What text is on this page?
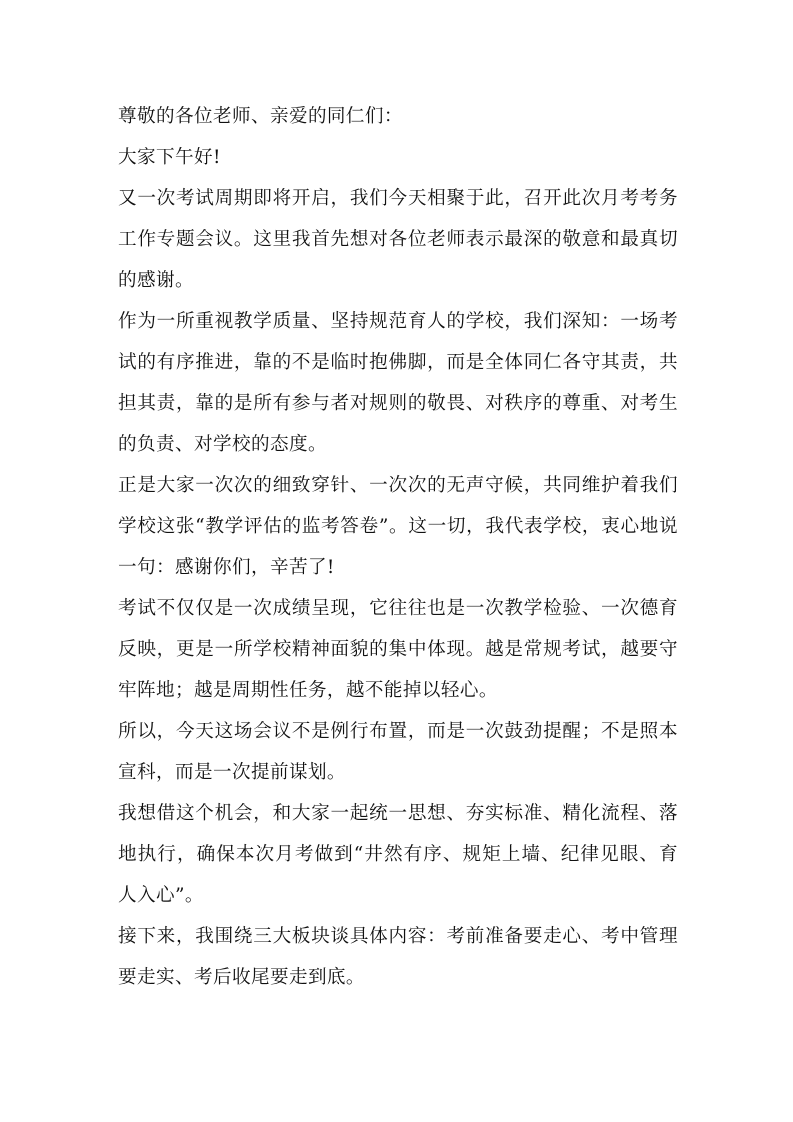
尊敬的各位老师、亲爱的同仁们：

大家下午好!

又一次考试周期即将开启，我们今天相聚于此，召开此次月考考务工作专题会议。这里我首先想对各位老师表示最深的敬意和最真切的感谢。

作为一所重视教学质量、坚持规范育人的学校，我们深知：一场考试的有序推进，靠的不是临时抱佛脚，而是全体同仁各守其责，共担其责，靠的是所有参与者对规则的敬畏、对秩序的尊重、对考生的负责、对学校的态度。

正是大家一次次的细致穿针、一次次的无声守候，共同维护着我们学校这张“教学评估的监考答卷”。这一切，我代表学校，衷心地说一句：感谢你们，辛苦了!

考试不仅仅是一次成绩呈现，它往往也是一次教学检验、一次德育反映，更是一所学校精神面貌的集中体现。越是常规考试，越要守牢阵地；越是周期性任务，越不能掉以轻心。

所以，今天这场会议不是例行布置，而是一次鼓劲提醒；不是照本宣科，而是一次提前谋划。

我想借这个机会，和大家一起统一思想、夯实标准、精化流程、落地执行，确保本次月考做到“井然有序、规矩上墙、纪律见眼、育人入心”。

接下来，我围绕三大板块谈具体内容：考前准备要走心、考中管理要走实、考后收尾要走到底。
